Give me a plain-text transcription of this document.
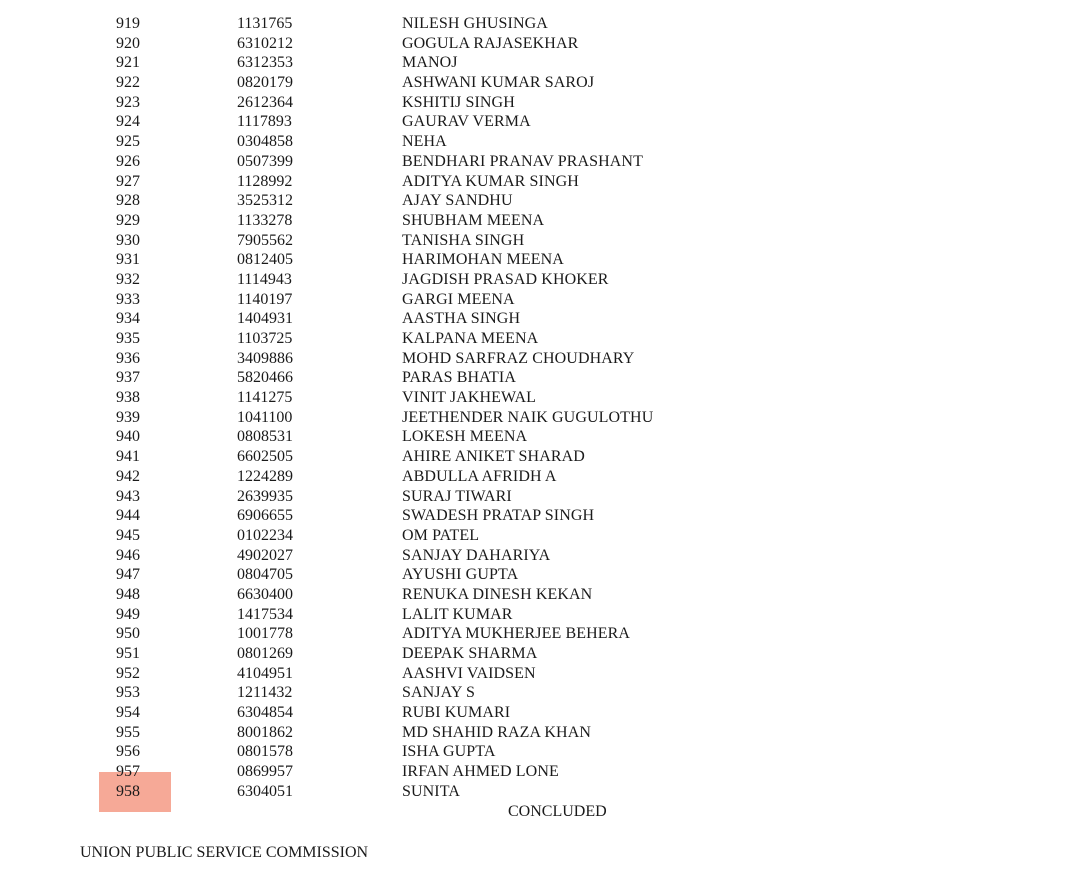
919	1131765	NILESH GHUSINGA
920	6310212	GOGULA RAJASEKHAR
921	6312353	MANOJ
922	0820179	ASHWANI KUMAR SAROJ
923	2612364	KSHITIJ SINGH
924	1117893	GAURAV VERMA
925	0304858	NEHA
926	0507399	BENDHARI PRANAV PRASHANT
927	1128992	ADITYA KUMAR SINGH
928	3525312	AJAY SANDHU
929	1133278	SHUBHAM MEENA
930	7905562	TANISHA SINGH
931	0812405	HARIMOHAN MEENA
932	1114943	JAGDISH PRASAD KHOKER
933	1140197	GARGI MEENA
934	1404931	AASTHA SINGH
935	1103725	KALPANA MEENA
936	3409886	MOHD SARFRAZ CHOUDHARY
937	5820466	PARAS BHATIA
938	1141275	VINIT JAKHEWAL
939	1041100	JEETHENDER NAIK GUGULOTHU
940	0808531	LOKESH MEENA
941	6602505	AHIRE ANIKET SHARAD
942	1224289	ABDULLA AFRIDH A
943	2639935	SURAJ TIWARI
944	6906655	SWADESH PRATAP SINGH
945	0102234	OM PATEL
946	4902027	SANJAY DAHARIYA
947	0804705	AYUSHI GUPTA
948	6630400	RENUKA DINESH KEKAN
949	1417534	LALIT KUMAR
950	1001778	ADITYA MUKHERJEE BEHERA
951	0801269	DEEPAK SHARMA
952	4104951	AASHVI VAIDSEN
953	1211432	SANJAY S
954	6304854	RUBI KUMARI
955	8001862	MD SHAHID RAZA KHAN
956	0801578	ISHA GUPTA
957	0869957	IRFAN AHMED LONE
958	6304051	SUNITA
CONCLUDED
UNION PUBLIC SERVICE COMMISSION
